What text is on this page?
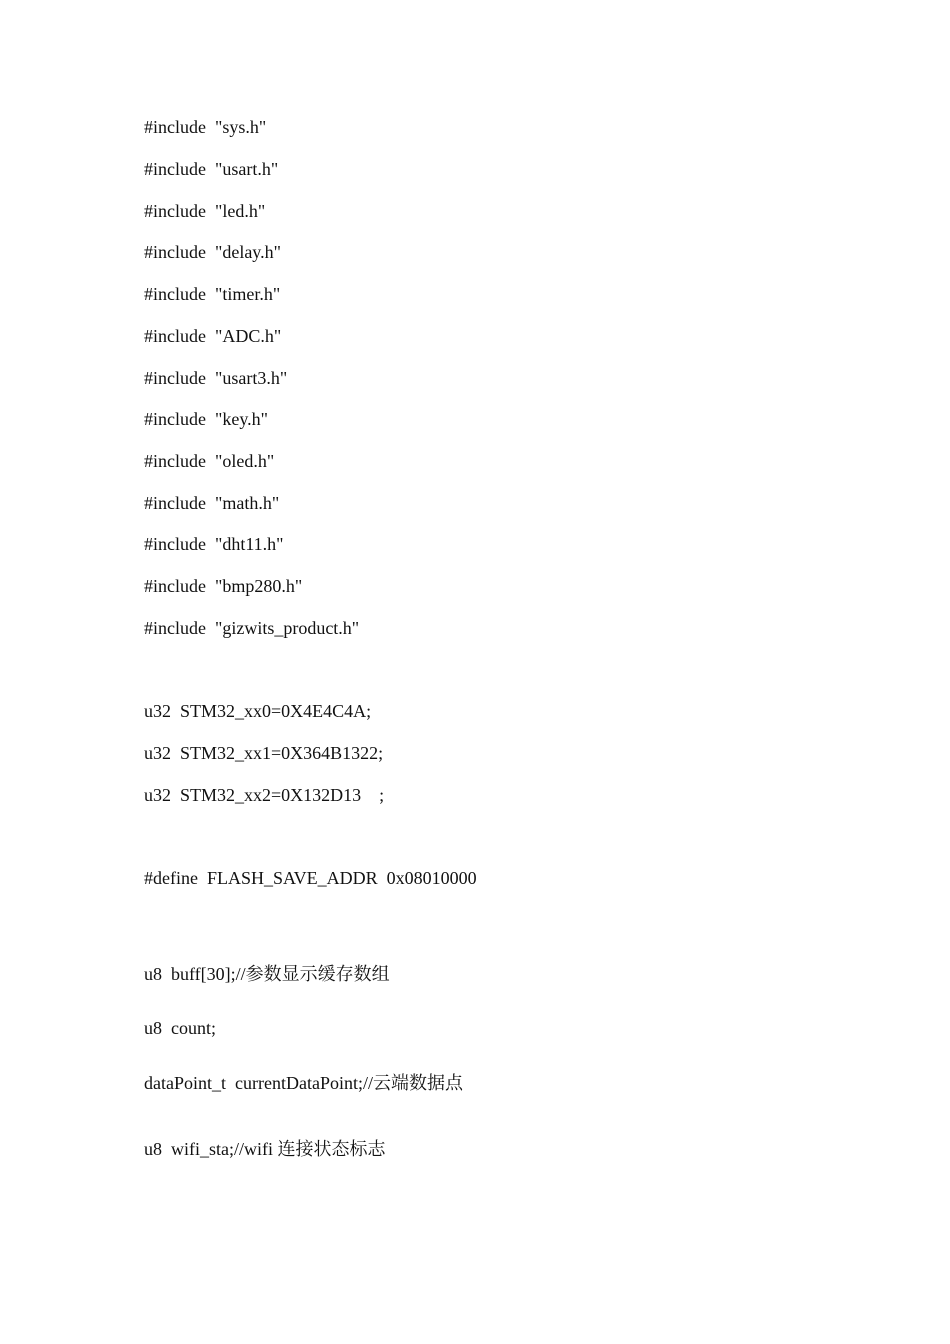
#include  "sys.h"
#include  "usart.h"
#include  "led.h"
#include  "delay.h"
#include  "timer.h"
#include  "ADC.h"
#include  "usart3.h"
#include  "key.h"
#include  "oled.h"
#include  "math.h"
#include  "dht11.h"
#include  "bmp280.h"
#include  "gizwits_product.h"
u32  STM32_xx0=0X4E4C4A;
u32  STM32_xx1=0X364B1322;
u32  STM32_xx2=0X132D13    ;
#define  FLASH_SAVE_ADDR  0x08010000
u8  buff[30];//参数显示缓存数组
u8  count;
dataPoint_t  currentDataPoint;//云端数据点
u8  wifi_sta;//wifi 连接状态标志
